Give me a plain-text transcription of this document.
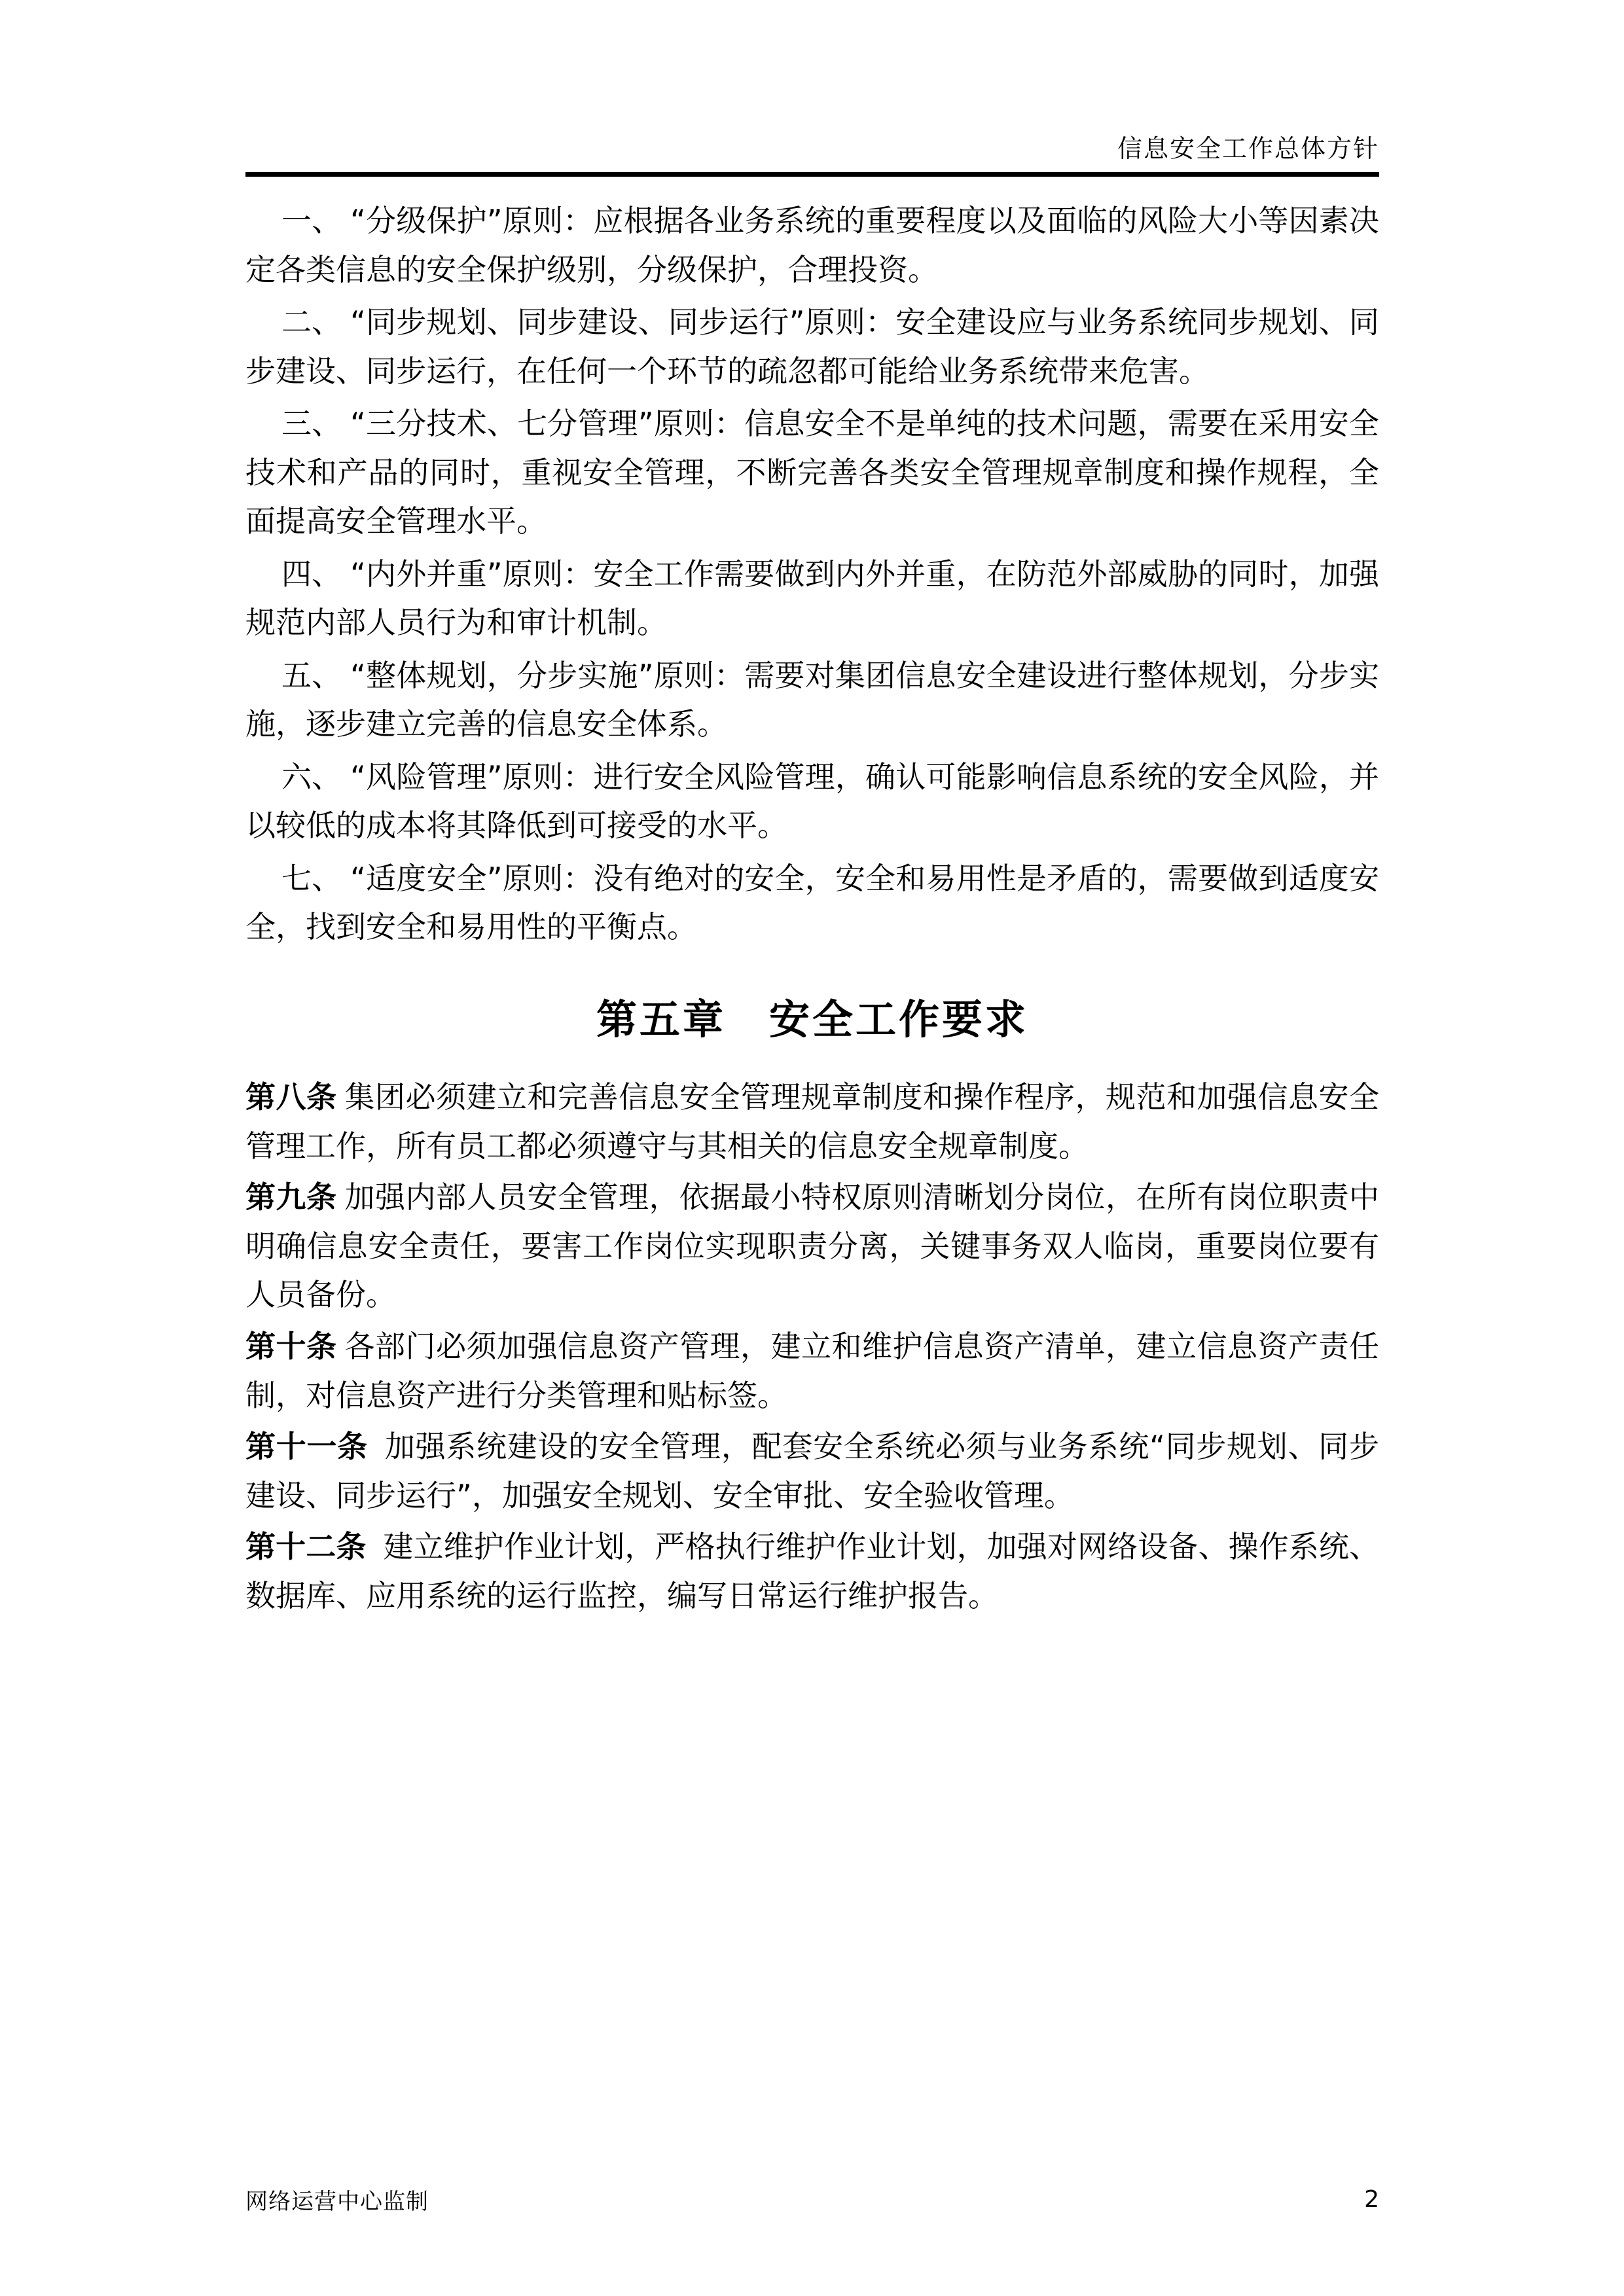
信息安全工作总体方针
一、 “分级保护”原则：应根据各业务系统的重要程度以及面临的风险大小等因素决定各类信息的安全保护级别，分级保护，合理投资。
二、 “同步规划、同步建设、同步运行”原则：安全建设应与业务系统同步规划、同步建设、同步运行，在任何一个环节的疏忽都可能给业务系统带来危害。
三、 “三分技术、七分管理”原则：信息安全不是单纯的技术问题，需要在采用安全技术和产品的同时，重视安全管理，不断完善各类安全管理规章制度和操作规程，全面提高安全管理水平。
四、 “内外并重”原则：安全工作需要做到内外并重，在防范外部威胁的同时，加强规范内部人员行为和审计机制。
五、 “整体规划，分步实施”原则：需要对集团信息安全建设进行整体规划，分步实施，逐步建立完善的信息安全体系。
六、 “风险管理”原则：进行安全风险管理，确认可能影响信息系统的安全风险，并以较低的成本将其降低到可接受的水平。
七、 “适度安全”原则：没有绝对的安全，安全和易用性是矛盾的，需要做到适度安全，找到安全和易用性的平衡点。
第五章　安全工作要求

第八条 集团必须建立和完善信息安全管理规章制度和操作程序，规范和加强信息安全管理工作，所有员工都必须遵守与其相关的信息安全规章制度。

第九条 加强内部人员安全管理，依据最小特权原则清晰划分岗位，在所有岗位职责中明确信息安全责任，要害工作岗位实现职责分离，关键事务双人临岗，重要岗位要有人员备份。

第十条 各部门必须加强信息资产管理，建立和维护信息资产清单，建立信息资产责任制，对信息资产进行分类管理和贴标签。

第十一条 加强系统建设的安全管理，配套安全系统必须与业务系统“同步规划、同步建设、同步运行”，加强安全规划、安全审批、安全验收管理。

第十二条 建立维护作业计划，严格执行维护作业计划，加强对网络设备、操作系统、数据库、应用系统的运行监控，编写日常运行维护报告。

网络运营中心监制	2
